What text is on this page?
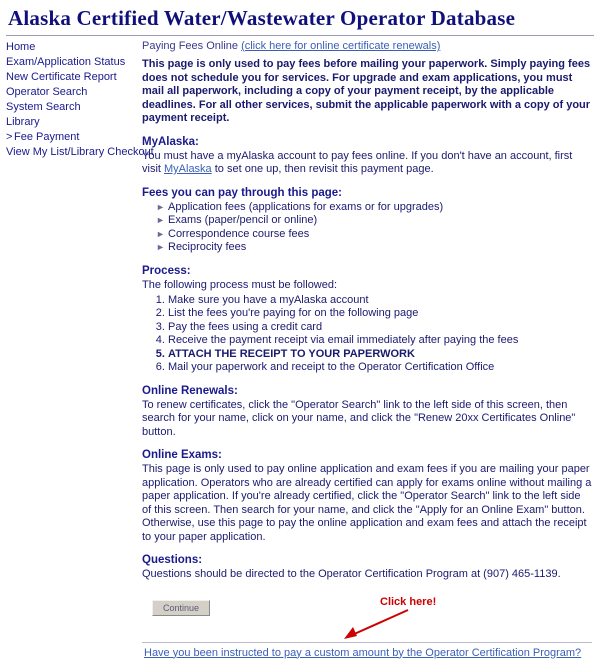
Alaska Certified Water/Wastewater Operator Database
Home
Exam/Application Status
New Certificate Report
Operator Search
System Search
Library
> Fee Payment
View My List/Library Checkout
Paying Fees Online (click here for online certificate renewals)

This page is only used to pay fees before mailing your paperwork. Simply paying fees does not schedule you for services. For upgrade and exam applications, you must mail all paperwork, including a copy of your payment receipt, by the applicable deadlines. For all other services, submit the applicable paperwork with a copy of your payment receipt.

MyAlaska:

You must have a myAlaska account to pay fees online. If you don't have an account, first visit MyAlaska to set one up, then revisit this payment page.

Fees you can pay through this page:
► Application fees (applications for exams or for upgrades)
► Exams (paper/pencil or online)
► Correspondence course fees
► Reciprocity fees
Process:
The following process must be followed:
1. Make sure you have a myAlaska account
2. List the fees you're paying for on the following page
3. Pay the fees using a credit card
4. Receive the payment receipt via email immediately after paying the fees
5. ATTACH THE RECEIPT TO YOUR PAPERWORK
6. Mail your paperwork and receipt to the Operator Certification Office
Online Renewals:

To renew certificates, click the "Operator Search" link to the left side of this screen, then search for your name, click on your name, and click the "Renew 20xx Certificates Online" button.

Online Exams:

This page is only used to pay online application and exam fees if you are mailing your paper application. Operators who are already certified can apply for exams online without mailing a paper application. If you're already certified, click the "Operator Search" link to the left side of this screen. Then search for your name, and click the "Apply for an Online Exam" button. Otherwise, use this page to pay the online application and exam fees and attach the receipt to your paper application.

Questions:

Questions should be directed to the Operator Certification Program at (907) 465-1139.

Continue	Click here!
Have you been instructed to pay a custom amount by the Operator Certification Program?
